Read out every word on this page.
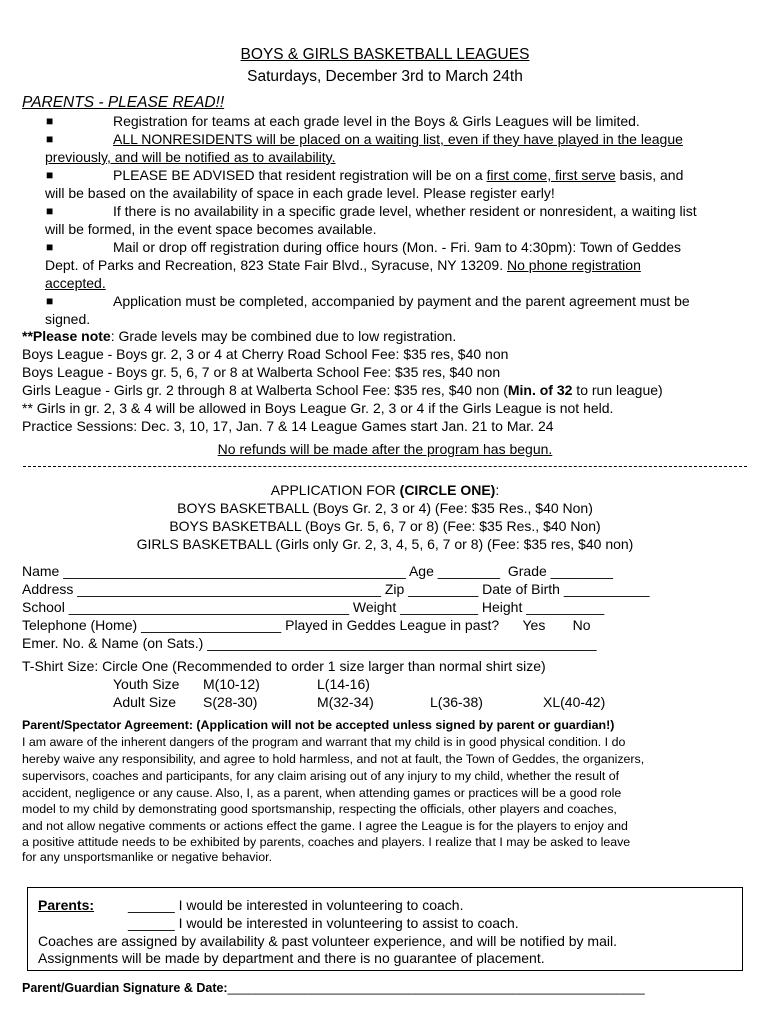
BOYS & GIRLS BASKETBALL LEAGUES
Saturdays, December 3rd to March 24th
PARENTS - PLEASE READ!!
■	Registration for teams at each grade level in the Boys & Girls Leagues will be limited.
■	ALL NONRESIDENTS will be placed on a waiting list, even if they have played in the league
previously, and will be notified as to availability.
■	PLEASE BE ADVISED that resident registration will be on a first come, first serve basis, and
will be based on the availability of space in each grade level. Please register early!
■	If there is no availability in a specific grade level, whether resident or nonresident, a waiting list
will be formed, in the event space becomes available.
■	Mail or drop off registration during office hours (Mon. - Fri. 9am to 4:30pm): Town of Geddes
Dept. of Parks and Recreation, 823 State Fair Blvd., Syracuse, NY 13209. No phone registration
accepted.
■	Application must be completed, accompanied by payment and the parent agreement must be
signed.
**Please note: Grade levels may be combined due to low registration.
Boys League - Boys gr. 2, 3 or 4 at Cherry Road School Fee: $35 res, $40 non
Boys League - Boys gr. 5, 6, 7 or 8 at Walberta School Fee: $35 res, $40 non
Girls League - Girls gr. 2 through 8 at Walberta School Fee: $35 res, $40 non (Min. of 32 to run league)
** Girls in gr. 2, 3 & 4 will be allowed in Boys League Gr. 2, 3 or 4 if the Girls League is not held.
Practice Sessions: Dec. 3, 10, 17, Jan. 7 & 14 League Games start Jan. 21 to Mar. 24
No refunds will be made after the program has begun.
APPLICATION FOR (CIRCLE ONE):
BOYS BASKETBALL (Boys Gr. 2, 3 or 4) (Fee: $35 Res., $40 Non)
BOYS BASKETBALL (Boys Gr. 5, 6, 7 or 8) (Fee: $35 Res., $40 Non)
GIRLS BASKETBALL (Girls only Gr. 2, 3, 4, 5, 6, 7 or 8) (Fee: $35 res, $40 non)
Name ____________________________________________ Age ________ Grade ________
Address _______________________________________ Zip _________ Date of Birth ___________
School ____________________________________ Weight __________ Height __________
Telephone (Home) __________________ Played in Geddes League in past? Yes No
Emer. No. & Name (on Sats.) __________________________________________________
T-Shirt Size: Circle One (Recommended to order 1 size larger than normal shirt size)
Youth Size M(10-12)	L(14-16)
Adult Size S(28-30)	M(32-34)	L(36-38)	XL(40-42)
Parent/Spectator Agreement: (Application will not be accepted unless signed by parent or guardian!)
I am aware of the inherent dangers of the program and warrant that my child is in good physical condition. I do
hereby waive any responsibility, and agree to hold harmless, and not at fault, the Town of Geddes, the organizers,
supervisors, coaches and participants, for any claim arising out of any injury to my child, whether the result of
accident, negligence or any cause. Also, I, as a parent, when attending games or practices will be a good role
model to my child by demonstrating good sportsmanship, respecting the officials, other players and coaches,
and not allow negative comments or actions effect the game. I agree the League is for the players to enjoy and
a positive attitude needs to be exhibited by parents, coaches and players. I realize that I may be asked to leave
for any unsportsmanlike or negative behavior.
Parents: ______ I would be interested in volunteering to coach.
______ I would be interested in volunteering to assist to coach.
Coaches are assigned by availability & past volunteer experience, and will be notified by mail.
Assignments will be made by department and there is no guarantee of placement.
Parent/Guardian Signature & Date:____________________________________________________________
